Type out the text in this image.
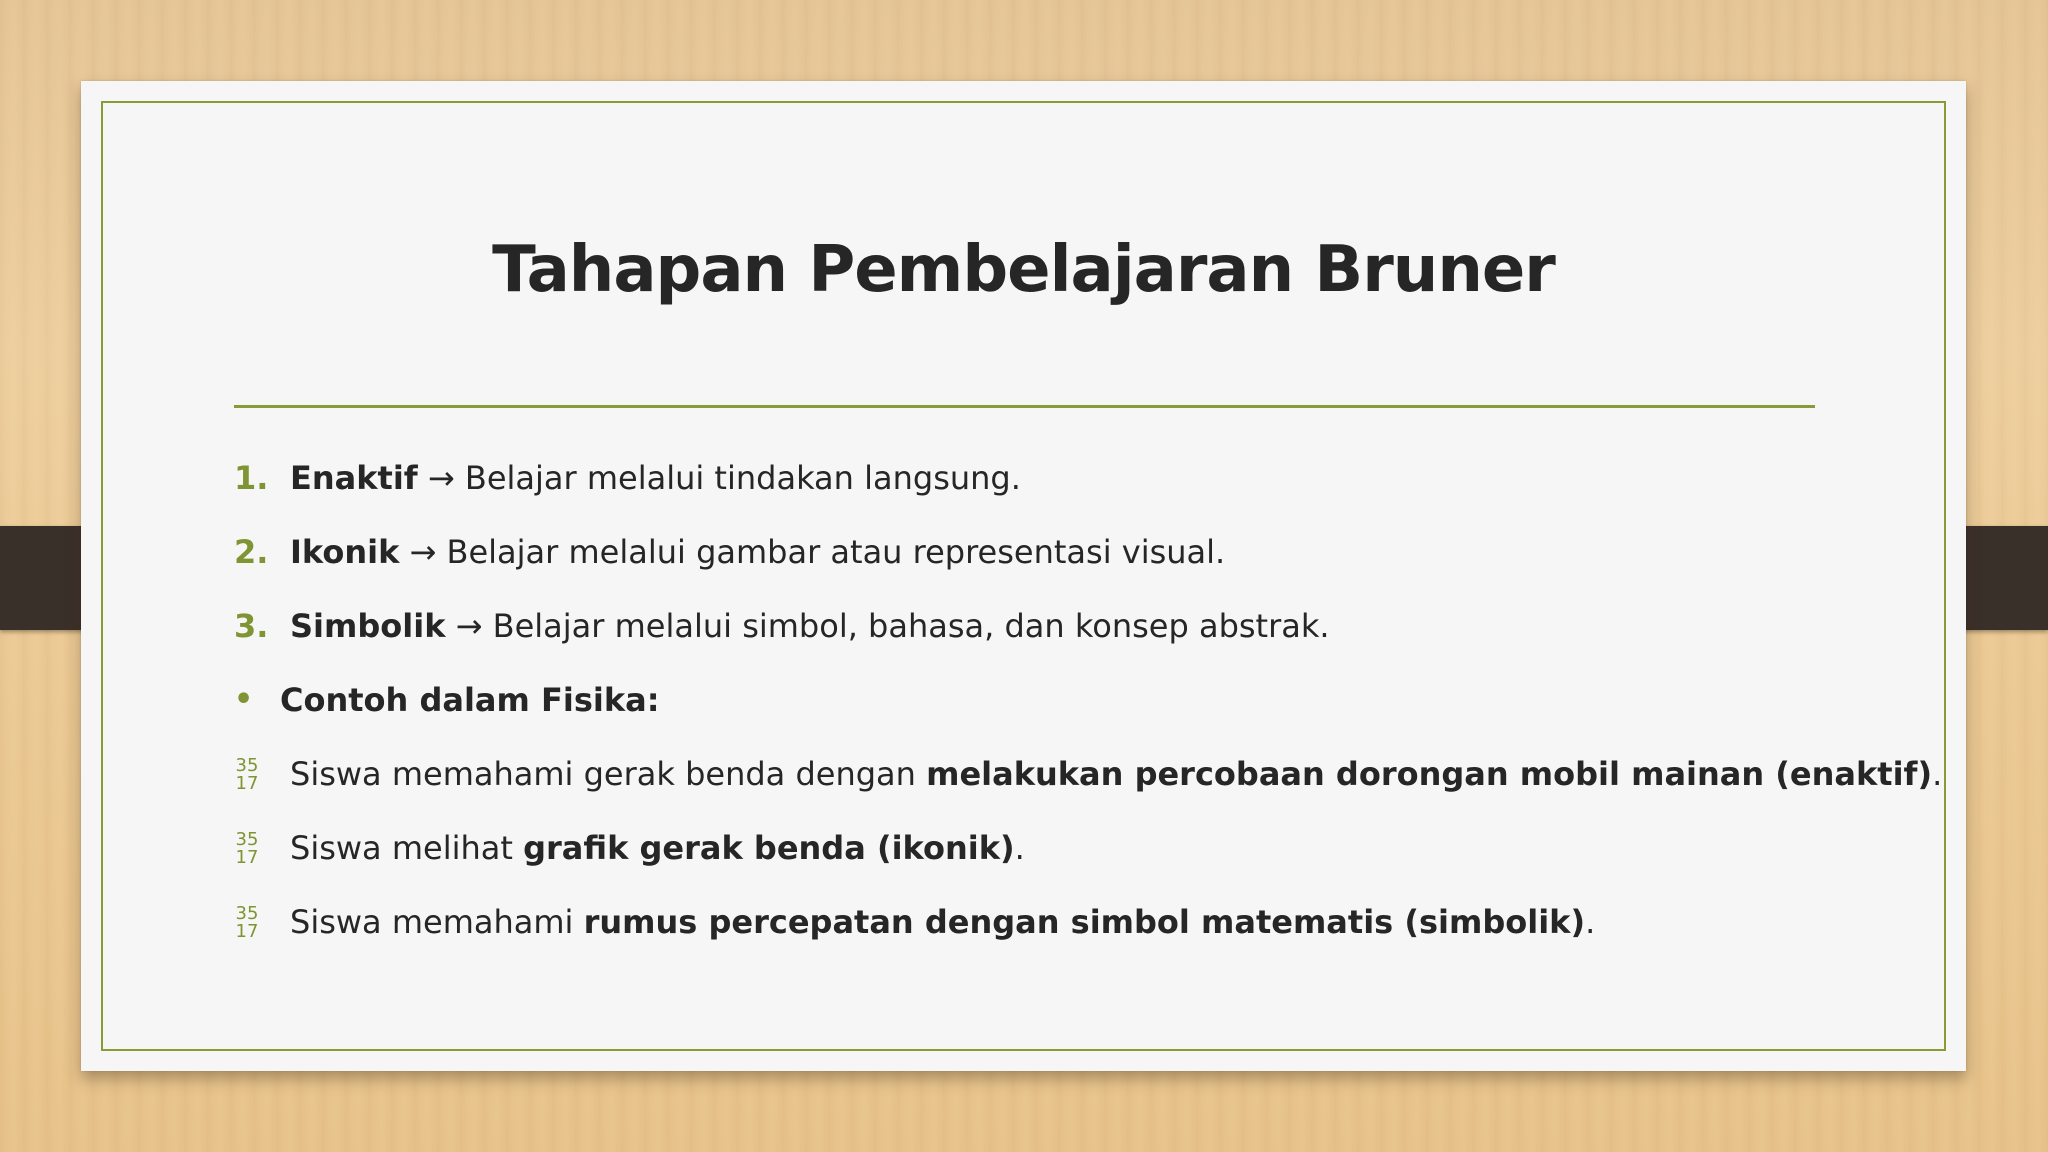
Tahapan Pembelajaran Bruner
1. Enaktif → Belajar melalui tindakan langsung.
2. Ikonik → Belajar melalui gambar atau representasi visual.
3. Simbolik → Belajar melalui simbol, bahasa, dan konsep abstrak.
• Contoh dalam Fisika:
35
17 Siswa memahami gerak benda dengan melakukan percobaan dorongan mobil mainan (enaktif).
35
17 Siswa melihat grafik gerak benda (ikonik).
35
17 Siswa memahami rumus percepatan dengan simbol matematis (simbolik).
